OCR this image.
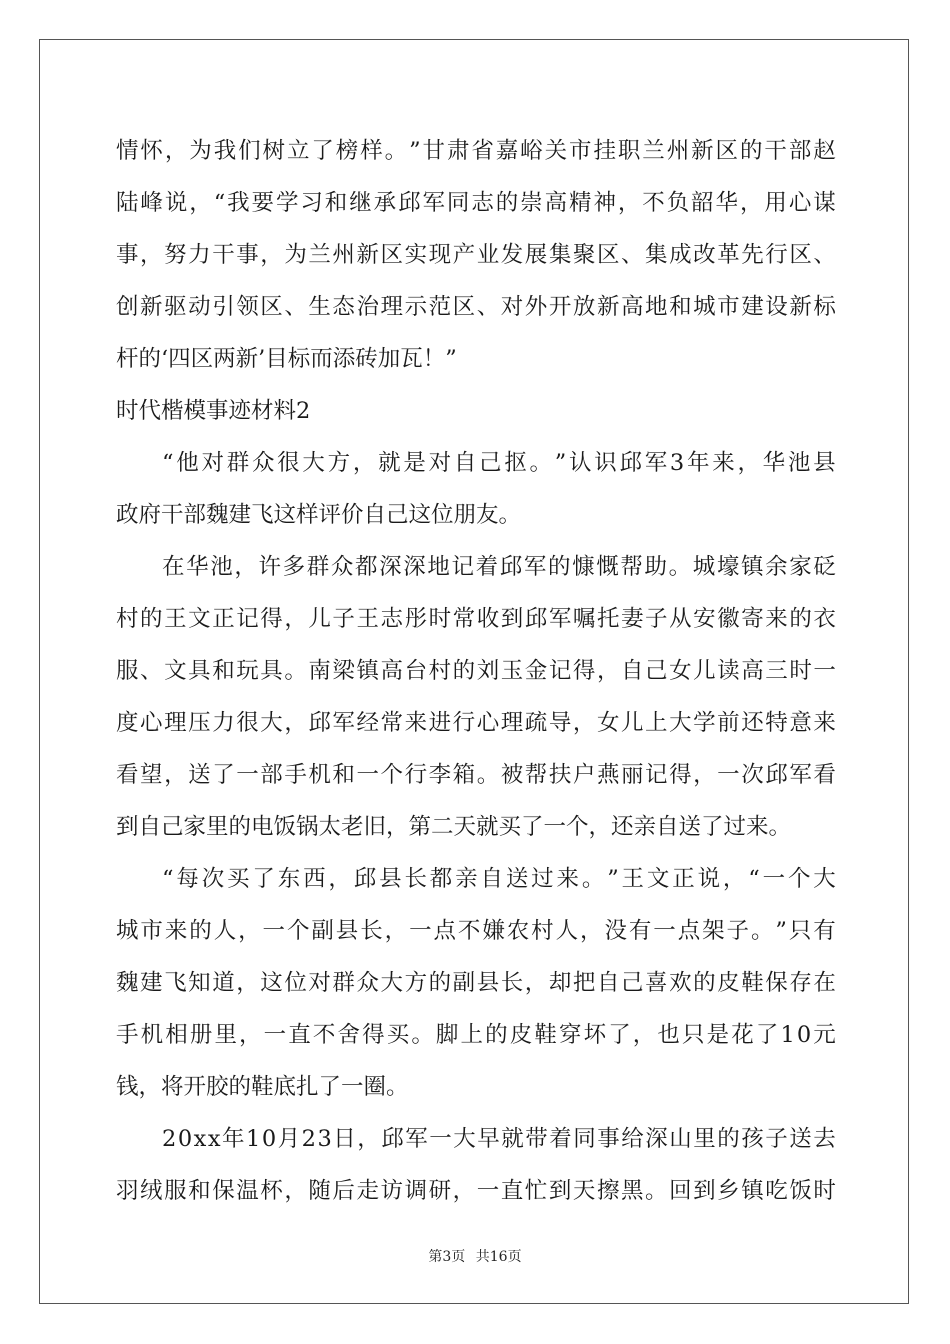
情 怀 ， 为 我 们 树 立 了 榜 样 。 ” 甘 肃 省 嘉 峪 关 市 挂 职 兰 州 新 区 的 干 部 赵
陆 峰 说 ， “ 我 要 学 习 和 继 承 邱 军 同 志 的 崇 高 精 神 ， 不 负 韶 华 ， 用 心 谋
事 ， 努 力 干 事 ， 为 兰 州 新 区 实 现 产 业 发 展 集 聚 区 、 集 成 改 革 先 行 区 、
创 新 驱 动 引 领 区 、 生 态 治 理 示 范 区 、 对 外 开 放 新 高 地 和 城 市 建 设 新 标
杆的‘四区两新’目标而添砖加瓦！”
时代楷模事迹材料2
“ 他 对 群 众 很 大 方 ， 就 是 对 自 己 抠 。 ” 认 识 邱 军 3 年 来 ， 华 池 县
政府干部魏建飞这样评价自己这位朋友。
在 华 池 ， 许 多 群 众 都 深 深 地 记 着 邱 军 的 慷 慨 帮 助 。 城 壕 镇 余 家 砭
村 的 王 文 正 记 得 ， 儿 子 王 志 彤 时 常 收 到 邱 军 嘱 托 妻 子 从 安 徽 寄 来 的 衣
服 、 文 具 和 玩 具 。 南 梁 镇 高 台 村 的 刘 玉 金 记 得 ， 自 己 女 儿 读 高 三 时 一
度 心 理 压 力 很 大 ， 邱 军 经 常 来 进 行 心 理 疏 导 ， 女 儿 上 大 学 前 还 特 意 来
看 望 ， 送 了 一 部 手 机 和 一 个 行 李 箱 。 被 帮 扶 户 燕 丽 记 得 ， 一 次 邱 军 看
到自己家里的电饭锅太老旧，第二天就买了一个，还亲自送了过来。
“ 每 次 买 了 东 西 ， 邱 县 长 都 亲 自 送 过 来 。 ” 王 文 正 说 ， “ 一 个 大
城 市 来 的 人 ， 一 个 副 县 长 ， 一 点 不 嫌 农 村 人 ， 没 有 一 点 架 子 。 ” 只 有
魏 建 飞 知 道 ， 这 位 对 群 众 大 方 的 副 县 长 ， 却 把 自 己 喜 欢 的 皮 鞋 保 存 在
手 机 相 册 里 ， 一 直 不 舍 得 买 。 脚 上 的 皮 鞋 穿 坏 了 ， 也 只 是 花 了 1 0 元
钱，将开胶的鞋底扎了一圈。
2 0 x x 年 1 0 月 2 3 日 ， 邱 军 一 大 早 就 带 着 同 事 给 深 山 里 的 孩 子 送 去
羽 绒 服 和 保 温 杯 ， 随 后 走 访 调 研 ， 一 直 忙 到 天 擦 黑 。 回 到 乡 镇 吃 饭 时
第3页 共16页
